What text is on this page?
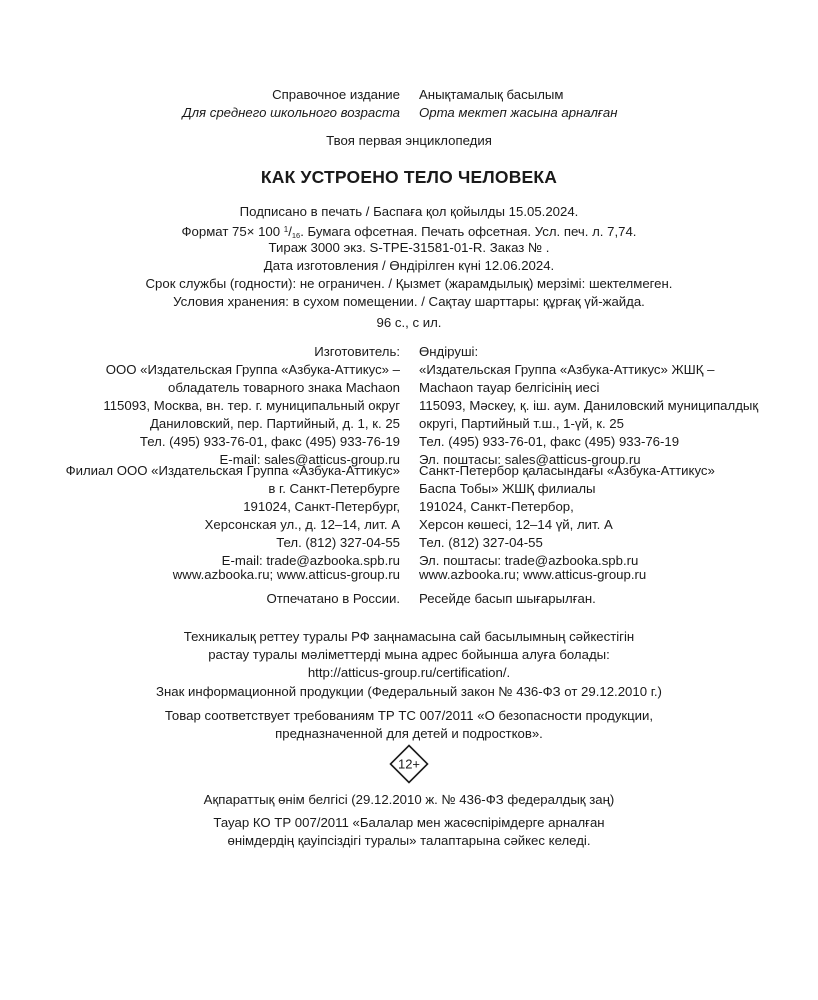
Справочное издание
Для среднего школьного возраста
Анықтамалық басылым
Орта мектеп жасына арналған
Твоя первая энциклопедия
КАК УСТРОЕНО ТЕЛО ЧЕЛОВЕКА
Подписано в печать / Баспаға қол қойылды 15.05.2024.
Формат 75× 100 $^1/_{16}$. Бумага офсетная. Печать офсетная. Усл. печ. л. 7,74.
Тираж 3000 экз. S-TPE-31581-01-R. Заказ № .
Дата изготовления / Өндірілген күні 12.06.2024.
Срок службы (годности): не ограничен. / Қызмет (жарамдылық) мерзімі: шектелмеген.
Условия хранения: в сухом помещении. / Сақтау шарттары: құрғақ үй-жайда.
96 с., с ил.
Изготовитель:
ООО «Издательская Группа «Азбука-Аттикус» –
обладатель товарного знака Machaon
115093, Москва, вн. тер. г. муниципальный округ
Даниловский, пер. Партийный, д. 1, к. 25
Тел. (495) 933-76-01, факс (495) 933-76-19
E-mail: sales@atticus-group.ru
Өндіруші:
«Издательская Группа «Азбука-Аттикус» ЖШҚ –
Machaon тауар белгісінің иесі
115093, Мәскеу, қ. іш. аум. Даниловский муниципалдық
округі, Партийный т.ш., 1-үй, к. 25
Тел. (495) 933-76-01, факс (495) 933-76-19
Эл. поштасы: sales@atticus-group.ru
Филиал ООО «Издательская Группа «Азбука-Аттикус»
в г. Санкт-Петербурге
191024, Санкт-Петербург,
Херсонская ул., д. 12–14, лит. А
Тел. (812) 327-04-55
E-mail: trade@azbooka.spb.ru
Санкт-Петербор қаласындағы «Азбука-Аттикус»
Баспа Тобы» ЖШҚ филиалы
191024, Санкт-Петербор,
Херсон көшесі, 12–14 үй, лит. А
Тел. (812) 327-04-55
Эл. поштасы: trade@azbooka.spb.ru
www.azbooka.ru; www.atticus-group.ru www.azbooka.ru; www.atticus-group.ru
Отпечатано в России. Ресейде басып шығарылған.
Техникалық реттеу туралы РФ заңнамасына сай басылымның сәйкестігін
растау туралы мәліметтерді мына адрес бойынша алуға болады:
http://atticus-group.ru/certification/.
Знак информационной продукции (Федеральный закон № 436-ФЗ от 29.12.2010 г.)
Товар соответствует требованиям ТР ТС 007/2011 «О безопасности продукции,
предназначенной для детей и подростков».
12+
Ақпараттық өнім белгісі (29.12.2010 ж. № 436-ФЗ федералдық заң)
Тауар КО ТР 007/2011 «Балалар мен жасөспірімдерге арналған
өнімдердің қауіпсіздігі туралы» талаптарына сәйкес келеді.
